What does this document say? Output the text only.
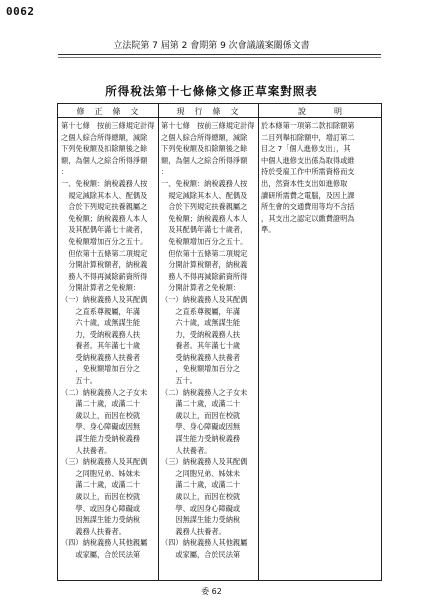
0062
立法院第 7 屆第 2 會期第 9 次會議議案關係文書
所得稅法第十七條條文修正草案對照表
修　正　條　文	現　行　條　文	說　　　明
第十七條　按前三條規定計得
之個人綜合所得總額，減除
下列免稅額及扣除額後之餘
額，為個人之綜合所得淨額
：
一、免稅額：納稅義務人按
　規定減除其本人、配偶及
　合於下列規定扶養親屬之
　免稅額；納稅義務人本人
　及其配偶年滿七十歲者，
　免稅額增加百分之五十。
　但依第十五條第二項規定
　分開計算稅額者，納稅義
　務人不得再減除薪資所得
　分開計算者之免稅額：
（一）納稅義務人及其配偶
　　之直系尊親屬，年滿
　　六十歲，或無謀生能
　　力，受納稅義務人扶
　　養者。其年滿七十歲
　　受納稅義務人扶養者
　　，免稅額增加百分之
　　五十。
（二）納稅義務人之子女未
　　滿二十歲，或滿二十
　　歲以上，而因在校就
　　學、身心障礙或因無
　　謀生能力受納稅義務
　　人扶養者。
（三）納稅義務人及其配偶
　　之同胞兄弟、姊妹未
　　滿二十歲，或滿二十
　　歲以上，而因在校就
　　學、或因身心障礙或
　　因無謀生能力受納稅
　　義務人扶養者。
（四）納稅義務人其他親屬
　　或家屬，合於民法第
第十七條　按前三條規定計得
之個人綜合所得總額，減除
下列免稅額及扣除額後之餘
額，為個人之綜合所得淨額
：
一、免稅額：納稅義務人按
　規定減除其本人、配偶及
　合於下列規定扶養親屬之
　免稅額；納稅義務人本人
　及其配偶年滿七十歲者，
　免稅額增加百分之五十。
　但依第十五條第二項規定
　分開計算稅額者，納稅義
　務人不得再減除薪資所得
　分開計算者之免稅額：
（一）納稅義務人及其配偶
　　之直系尊親屬，年滿
　　六十歲，或無謀生能
　　力，受納稅義務人扶
　　養者。其年滿七十歲
　　受納稅義務人扶養者
　　，免稅額增加百分之
　　五十。
（二）納稅義務人之子女未
　　滿二十歲，或滿二十
　　歲以上，而因在校就
　　學、身心障礙或因無
　　謀生能力受納稅義務
　　人扶養者。
（三）納稅義務人及其配偶
　　之同胞兄弟、姊妹未
　　滿二十歲，或滿二十
　　歲以上，而因在校就
　　學、或因身心障礙或
　　因無謀生能力受納稅
　　義務人扶養者。
（四）納稅義務人其他親屬
　　或家屬，合於民法第
於本條第一項第二款扣除額第
二目列舉扣除額中，增訂第二
目之 7「個人進修支出」，其
中個人進修支出係為取得或維
持於受雇工作中所需資格而支
出，然資本性支出如進修取
讀研所需費之電腦，及因上課
所生會的交通費用等均不含括
，其支出之認定以繳費證明為
準。
委 62
